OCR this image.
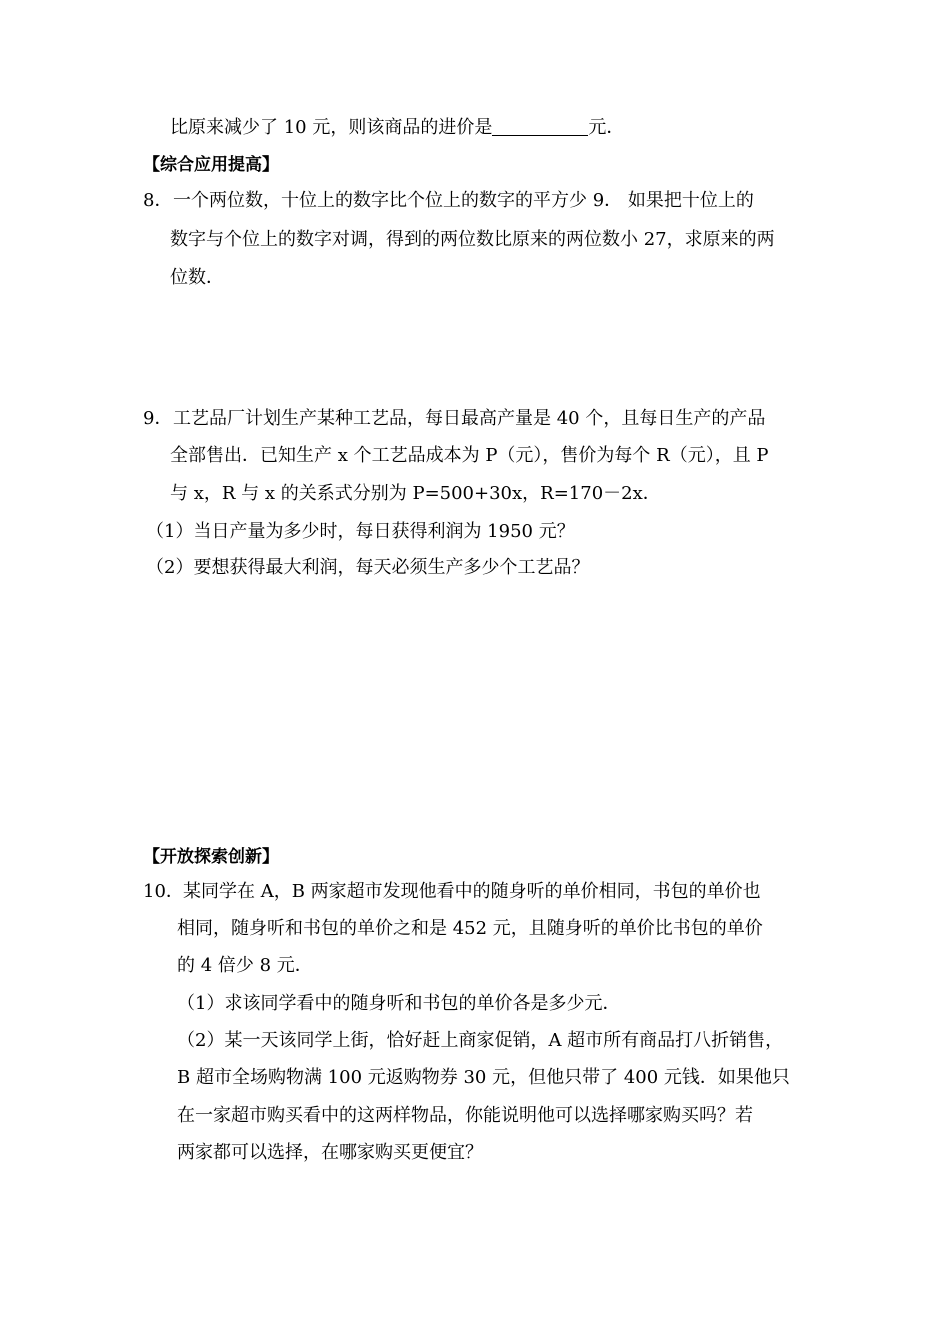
比原来减少了 10 元，则该商品的进价是	元．
【综合应用提高】
8． 一个两位数，十位上的数字比个位上的数字的平方少 9． 如果把十位上的
数字与个位上的数字对调，得到的两位数比原来的两位数小 27，求原来的两
位数．
9． 工艺品厂计划生产某种工艺品，每日最高产量是 40 个，且每日生产的产品
全部售出．已知生产 x 个工艺品成本为 P（元），售价为每个 R（元），且 P
与 x，R 与 x 的关系式分别为 P=500+30x，R=170－2x．
（1）当日产量为多少时，每日获得利润为 1950 元？
（2）要想获得最大利润，每天必须生产多少个工艺品？
【开放探索创新】
10． 某同学在 A，B 两家超市发现他看中的随身听的单价相同，书包的单价也
相同，随身听和书包的单价之和是 452 元，且随身听的单价比书包的单价
的 4 倍少 8 元．
（1）求该同学看中的随身听和书包的单价各是多少元．
（2）某一天该同学上街，恰好赶上商家促销，A 超市所有商品打八折销售，
B 超市全场购物满 100 元返购物券 30 元，但他只带了 400 元钱．如果他只
在一家超市购买看中的这两样物品，你能说明他可以选择哪家购买吗？若
两家都可以选择，在哪家购买更便宜？
